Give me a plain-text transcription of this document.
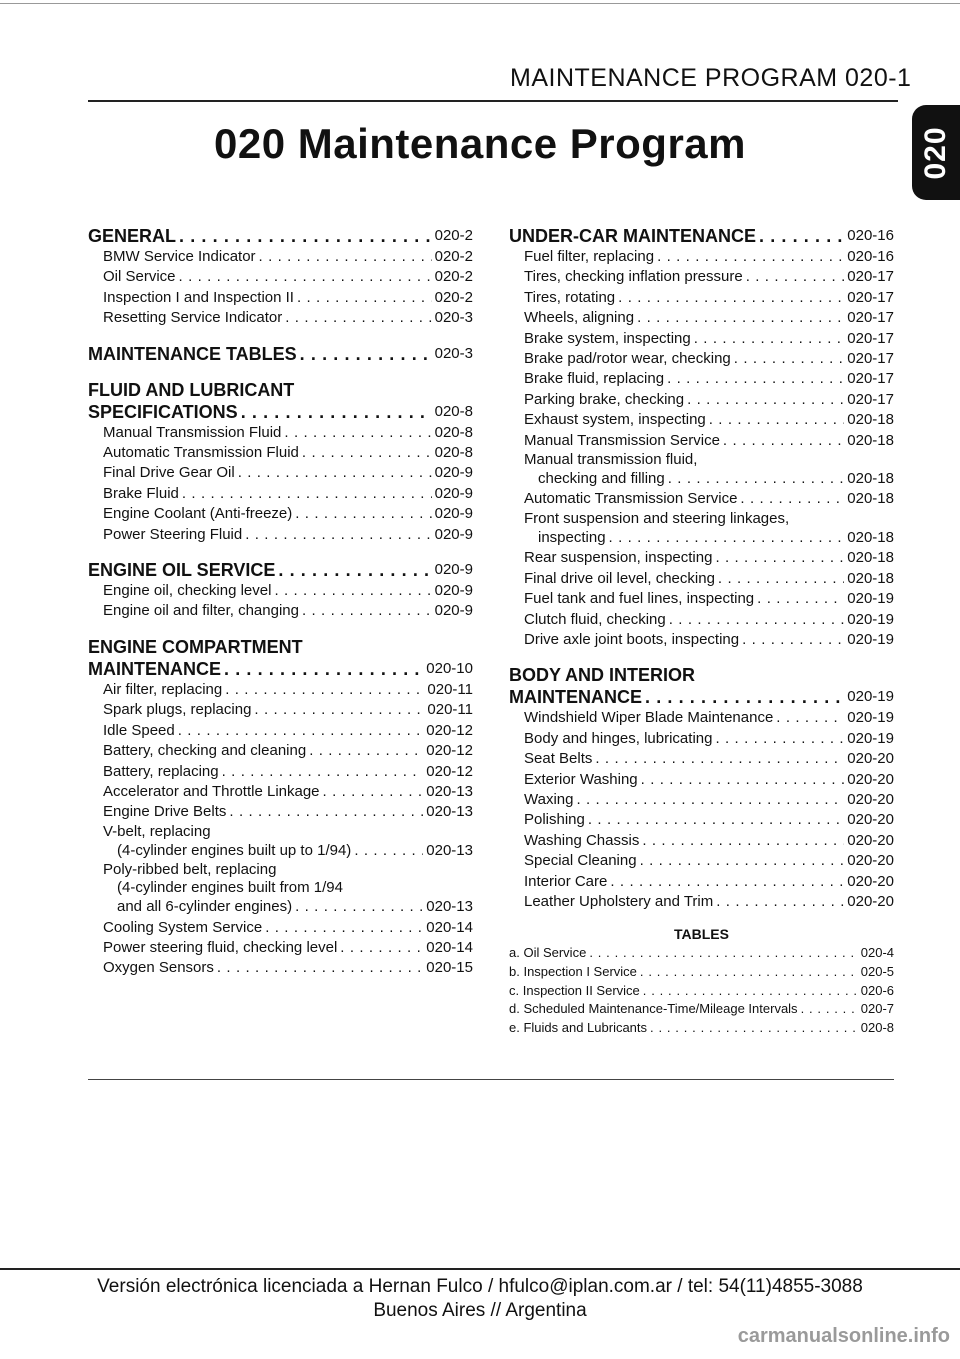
MAINTENANCE PROGRAM 020-1
020
020 Maintenance Program
GENERAL . . .	020-2
BMW Service Indicator . . .	020-2
Oil Service . . .	020-2
Inspection I and Inspection II . . .	020-2
Resetting Service Indicator . . .	020-3
MAINTENANCE TABLES . . .	020-3
FLUID AND LUBRICANT
SPECIFICATIONS . . .	020-8
Manual Transmission Fluid . . .	020-8
Automatic Transmission Fluid . . .	020-8
Final Drive Gear Oil . . .	020-9
Brake Fluid . . .	020-9
Engine Coolant (Anti-freeze) . . .	020-9
Power Steering Fluid . . .	020-9
ENGINE OIL SERVICE . . .	020-9
Engine oil, checking level . . .	020-9
Engine oil and filter, changing . . .	020-9
ENGINE COMPARTMENT
MAINTENANCE . . .	020-10
Air filter, replacing . . .	020-11
Spark plugs, replacing . . .	020-11
Idle Speed . . .	020-12
Battery, checking and cleaning . . .	020-12
Battery, replacing . . .	020-12
Accelerator and Throttle Linkage . . .	020-13
Engine Drive Belts . . .	020-13
V-belt, replacing
(4-cylinder engines built up to 1/94) . . .	020-13
Poly-ribbed belt, replacing
(4-cylinder engines built from 1/94
and all 6-cylinder engines) . . .	020-13
Cooling System Service . . .	020-14
Power steering fluid, checking level . . .	020-14
Oxygen Sensors . . .	020-15
UNDER-CAR MAINTENANCE . . .	020-16
Fuel filter, replacing . . .	020-16
Tires, checking inflation pressure . . .	020-17
Tires, rotating . . .	020-17
Wheels, aligning . . .	020-17
Brake system, inspecting . . .	020-17
Brake pad/rotor wear, checking . . .	020-17
Brake fluid, replacing . . .	020-17
Parking brake, checking . . .	020-17
Exhaust system, inspecting . . .	020-18
Manual Transmission Service . . .	020-18
Manual transmission fluid,
checking and filling . . .	020-18
Automatic Transmission Service . . .	020-18
Front suspension and steering linkages,
inspecting . . .	020-18
Rear suspension, inspecting . . .	020-18
Final drive oil level, checking . . .	020-18
Fuel tank and fuel lines, inspecting . . .	020-19
Clutch fluid, checking . . .	020-19
Drive axle joint boots, inspecting . . .	020-19
BODY AND INTERIOR
MAINTENANCE . . .	020-19
Windshield Wiper Blade Maintenance . . .	020-19
Body and hinges, lubricating . . .	020-19
Seat Belts . . .	020-20
Exterior Washing . . .	020-20
Waxing . . .	020-20
Polishing . . .	020-20
Washing Chassis . . .	020-20
Special Cleaning . . .	020-20
Interior Care . . .	020-20
Leather Upholstery and Trim . . .	020-20
TABLES
a. Oil Service . . .	020-4
b. Inspection I Service . . .	020-5
c. Inspection II Service . . .	020-6
d. Scheduled Maintenance-Time/Mileage Intervals . . .	020-7
e. Fluids and Lubricants . . .	020-8
Versión electrónica licenciada a Hernan Fulco / hfulco@iplan.com.ar / tel: 54(11)4855-3088
Buenos Aires // Argentina
carmanualsonline.info
